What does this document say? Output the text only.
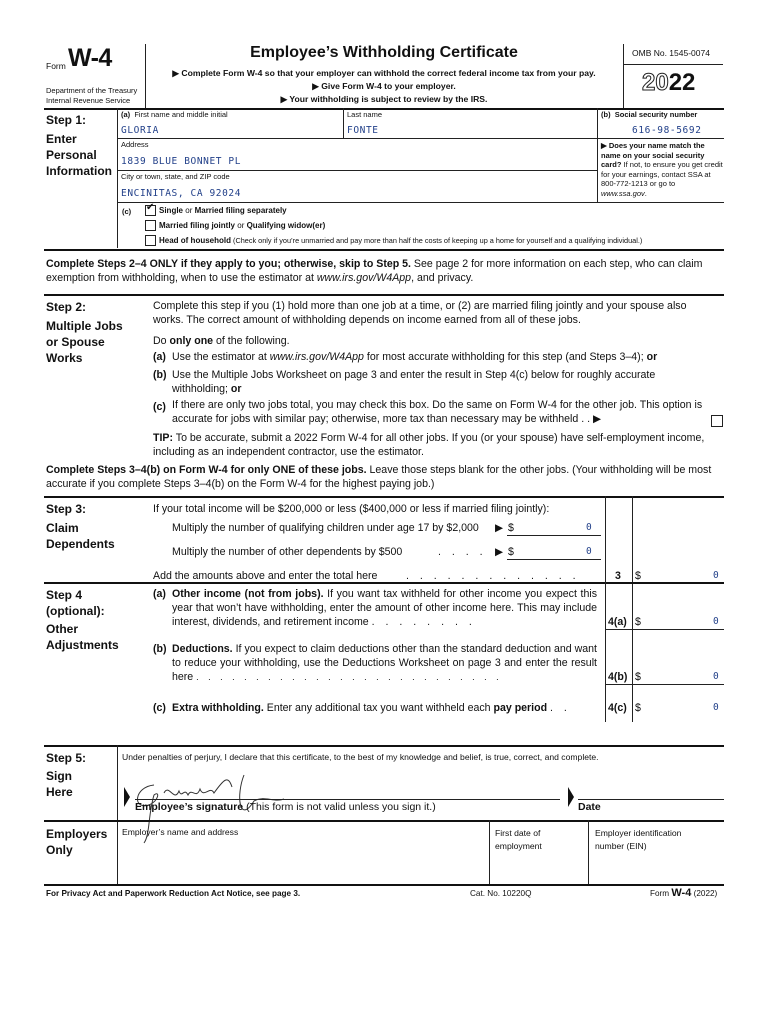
Form W-4
Department of the Treasury
Internal Revenue Service
Employee’s Withholding Certificate
▶ Complete Form W-4 so that your employer can withhold the correct federal income tax from your pay.
▶ Give Form W-4 to your employer.
▶ Your withholding is subject to review by the IRS.
OMB No. 1545-0074
2022
Step 1:
Enter
Personal
Information
(a) First name and middle initial
GLORIA
Last name
FONTE
(b) Social security number
616-98-5692
Address
1839 BLUE BONNET PL
▶ Does your name match the name on your social security card? If not, to ensure you get credit for your earnings, contact SSA at 800-772-1213 or go to www.ssa.gov.
City or town, state, and ZIP code
ENCINITAS, CA 92024
(c) ✔ Single or Married filing separately
Married filing jointly or Qualifying widow(er)
Head of household (Check only if you’re unmarried and pay more than half the costs of keeping up a home for yourself and a qualifying individual.)
Complete Steps 2–4 ONLY if they apply to you; otherwise, skip to Step 5. See page 2 for more information on each step, who can claim exemption from withholding, when to use the estimator at www.irs.gov/W4App, and privacy.
Step 2:
Multiple Jobs
or Spouse
Works
Complete this step if you (1) hold more than one job at a time, or (2) are married filing jointly and your spouse also works. The correct amount of withholding depends on income earned from all of these jobs.
Do only one of the following.
(a) Use the estimator at www.irs.gov/W4App for most accurate withholding for this step (and Steps 3–4); or
(b) Use the Multiple Jobs Worksheet on page 3 and enter the result in Step 4(c) below for roughly accurate withholding; or
(c) If there are only two jobs total, you may check this box. Do the same on Form W-4 for the other job. This option is accurate for jobs with similar pay; otherwise, more tax than necessary may be withheld . . ▶
TIP: To be accurate, submit a 2022 Form W-4 for all other jobs. If you (or your spouse) have self-employment income, including as an independent contractor, use the estimator.
Complete Steps 3–4(b) on Form W-4 for only ONE of these jobs. Leave those steps blank for the other jobs. (Your withholding will be most accurate if you complete Steps 3–4(b) on the Form W-4 for the highest paying job.)
Step 3:
Claim
Dependents
If your total income will be $200,000 or less ($400,000 or less if married filing jointly):
Multiply the number of qualifying children under age 17 by $2,000 ▶ $	0
Multiply the number of other dependents by $500	. . . . ▶ $	0
Add the amounts above and enter the total here	. . . . . . . . . . . . .	3 $	0
Step 4
(optional):
Other
Adjustments
(a) Other income (not from jobs). If you want tax withheld for other income you expect this year that won’t have withholding, enter the amount of other income here. This may include interest, dividends, and retirement income . . . . . . . .	4(a) $	0
(b) Deductions. If you expect to claim deductions other than the standard deduction and want to reduce your withholding, use the Deductions Worksheet on page 3 and enter the result here . . . . . . . . . . . . . . . . . . . . . . . . . .	4(b) $	0
(c) Extra withholding. Enter any additional tax you want withheld each pay period . .	4(c) $	0
Step 5:
Sign
Here
Under penalties of perjury, I declare that this certificate, to the best of my knowledge and belief, is true, correct, and complete.
Employee’s signature (This form is not valid unless you sign it.)	Date
Employers
Only
Employer’s name and address	First date of
employment
Employer identification
number (EIN)
For Privacy Act and Paperwork Reduction Act Notice, see page 3.	Cat. No. 10220Q	Form W-4 (2022)
